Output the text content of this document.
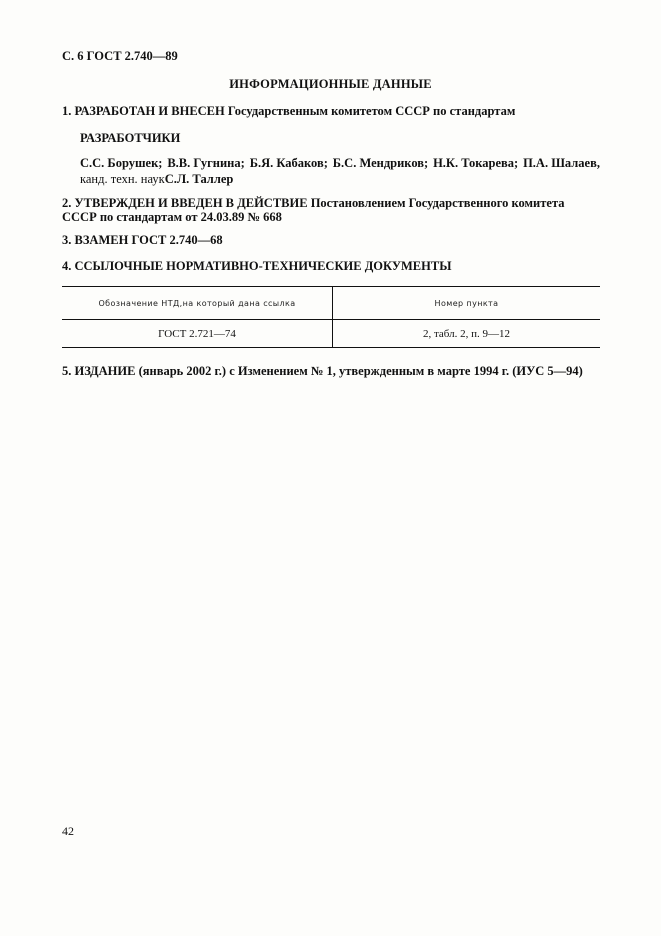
С. 6 ГОСТ 2.740—89
ИНФОРМАЦИОННЫЕ ДАННЫЕ
1. РАЗРАБОТАН И ВНЕСЕН Государственным комитетом СССР по стандартам
РАЗРАБОТЧИКИ
С.С. Борушек; В.В. Гугнина; Б.Я. Кабаков; Б.С. Мендриков; Н.К. Токарева; П.А. Шалаев,
канд. техн. наукС.Л. Таллер
2. УТВЕРЖДЕН И ВВЕДЕН В ДЕЙСТВИЕ Постановлением Государственного комитета СССР по стандартам от 24.03.89 № 668
3. ВЗАМЕН ГОСТ 2.740—68
4. ССЫЛОЧНЫЕ НОРМАТИВНО-ТЕХНИЧЕСКИЕ ДОКУМЕНТЫ
Обозначение НТД,на который дана ссылка	Номер пункта
ГОСТ 2.721—74	2, табл. 2, п. 9—12
5. ИЗДАНИЕ (январь 2002 г.) с Изменением № 1, утвержденным в марте 1994 г. (ИУС 5—94)
42
